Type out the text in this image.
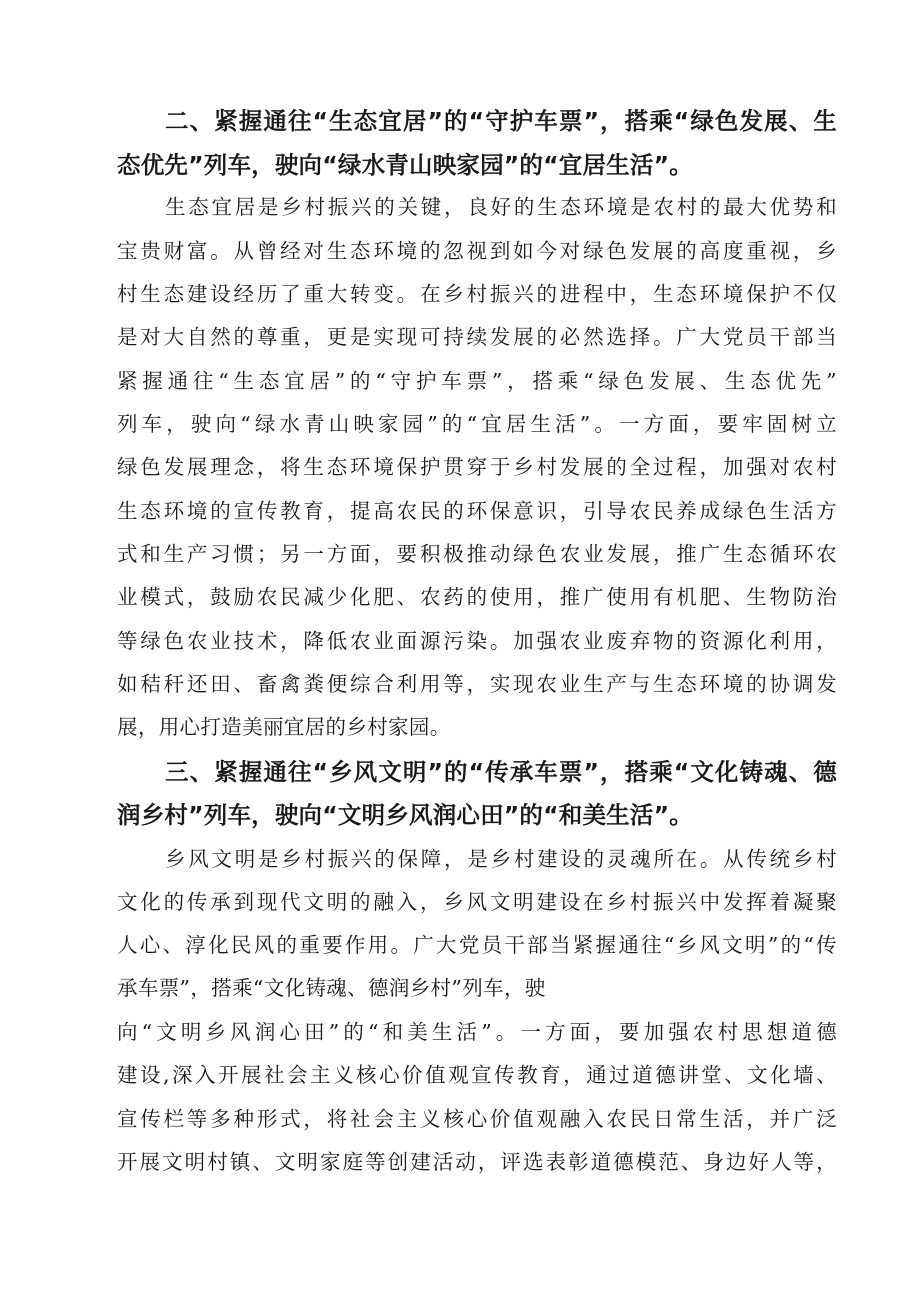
二、紧握通往“生态宜居”的“守护车票”，搭乘“绿色发展、生

态优先”列车，驶向“绿水青山映家园”的“宜居生活”。

生态宜居是乡村振兴的关键，良好的生态环境是农村的最大优势和

宝贵财富。从曾经对生态环境的忽视到如今对绿色发展的高度重视，乡

村生态建设经历了重大转变。在乡村振兴的进程中，生态环境保护不仅

是对大自然的尊重，更是实现可持续发展的必然选择。广大党员干部当

紧握通往“生态宜居”的“守护车票”，搭乘“绿色发展、生态优先”

列车，驶向“绿水青山映家园”的“宜居生活”。一方面，要牢固树立

绿色发展理念，将生态环境保护贯穿于乡村发展的全过程，加强对农村

生态环境的宣传教育，提高农民的环保意识，引导农民养成绿色生活方

式和生产习惯；另一方面，要积极推动绿色农业发展，推广生态循环农

业模式，鼓励农民减少化肥、农药的使用，推广使用有机肥、生物防治

等绿色农业技术，降低农业面源污染。加强农业废弃物的资源化利用，

如秸秆还田、畜禽粪便综合利用等，实现农业生产与生态环境的协调发

展，用心打造美丽宜居的乡村家园。

三、紧握通往“乡风文明”的“传承车票”，搭乘“文化铸魂、德

润乡村”列车，驶向“文明乡风润心田”的“和美生活”。

乡风文明是乡村振兴的保障，是乡村建设的灵魂所在。从传统乡村

文化的传承到现代文明的融入，乡风文明建设在乡村振兴中发挥着凝聚

人心、淳化民风的重要作用。广大党员干部当紧握通往“乡风文明”的“传

承车票”，搭乘“文化铸魂、德润乡村”列车，驶

向“文明乡风润心田”的“和美生活”。一方面，要加强农村思想道德

建设,深入开展社会主义核心价值观宣传教育，通过道德讲堂、文化墙、

宣传栏等多种形式，将社会主义核心价值观融入农民日常生活，并广泛

开展文明村镇、文明家庭等创建活动，评选表彰道德模范、身边好人等，
